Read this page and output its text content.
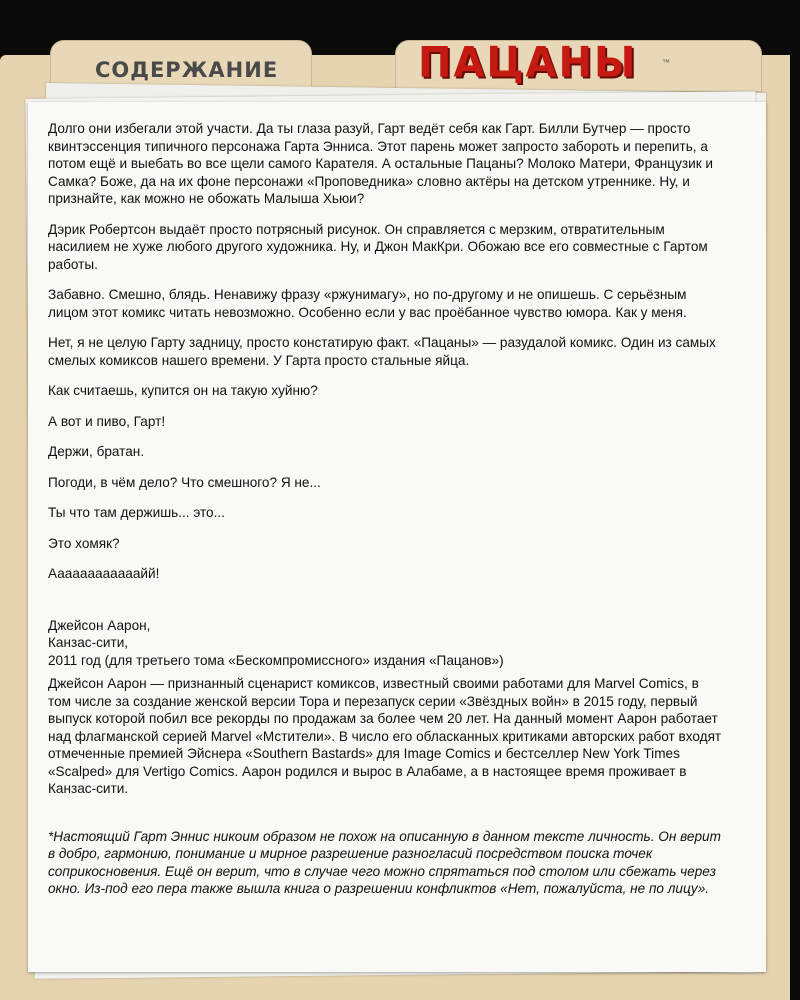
СОДЕРЖАНИЕ	ПАЦАНЫ	™

Долго они избегали этой участи. Да ты глаза разуй, Гарт ведёт себя как Гарт. Билли Бутчер — просто квинтэссенция типичного персонажа Гарта Энниса. Этот парень может запросто забороть и перепить, а потом ещё и выебать во все щели самого Карателя. А остальные Пацаны? Молоко Матери, Французик и Самка? Боже, да на их фоне персонажи «Проповедника» словно актёры на детском утреннике. Ну, и признайте, как можно не обожать Малыша Хьюи?

Дэрик Робертсон выдаёт просто потрясный рисунок. Он справляется с мерзким, отвратительным насилием не хуже любого другого художника. Ну, и Джон МакКри. Обожаю все его совместные с Гартом работы.

Забавно. Смешно, блядь. Ненавижу фразу «ржунимагу», но по-другому и не опишешь. С серьёзным лицом этот комикс читать невозможно. Особенно если у вас проёбанное чувство юмора. Как у меня.

Нет, я не целую Гарту задницу, просто констатирую факт. «Пацаны» — разудалой комикс. Один из самых смелых комиксов нашего времени. У Гарта просто стальные яйца.

Как считаешь, купится он на такую хуйню?

А вот и пиво, Гарт!

Держи, братан.

Погоди, в чём дело? Что смешного? Я не...

Ты что там держишь... это...

Это хомяк?

Аааааааааааайй!

Джейсон Аарон,
Канзас-сити,
2011 год (для третьего тома «Бескомпромиссного» издания «Пацанов»)

Джейсон Аарон — признанный сценарист комиксов, известный своими работами для Marvel Comics, в том числе за создание женской версии Тора и перезапуск серии «Звёздных войн» в 2015 году, первый выпуск которой побил все рекорды по продажам за более чем 20 лет. На данный момент Аарон работает над флагманской серией Marvel «Мстители». В число его обласканных критиками авторских работ входят отмеченные премией Эйснера «Southern Bastards» для Image Comics и бестселлер New York Times «Scalped» для Vertigo Comics. Аарон родился и вырос в Алабаме, а в настоящее время проживает в Канзас-сити.

*Настоящий Гарт Эннис никоим образом не похож на описанную в данном тексте личность. Он верит в добро, гармонию, понимание и мирное разрешение разногласий посредством поиска точек соприкосновения. Ещё он верит, что в случае чего можно спрятаться под столом или сбежать через окно. Из-под его пера также вышла книга о разрешении конфликтов «Нет, пожалуйста, не по лицу».
